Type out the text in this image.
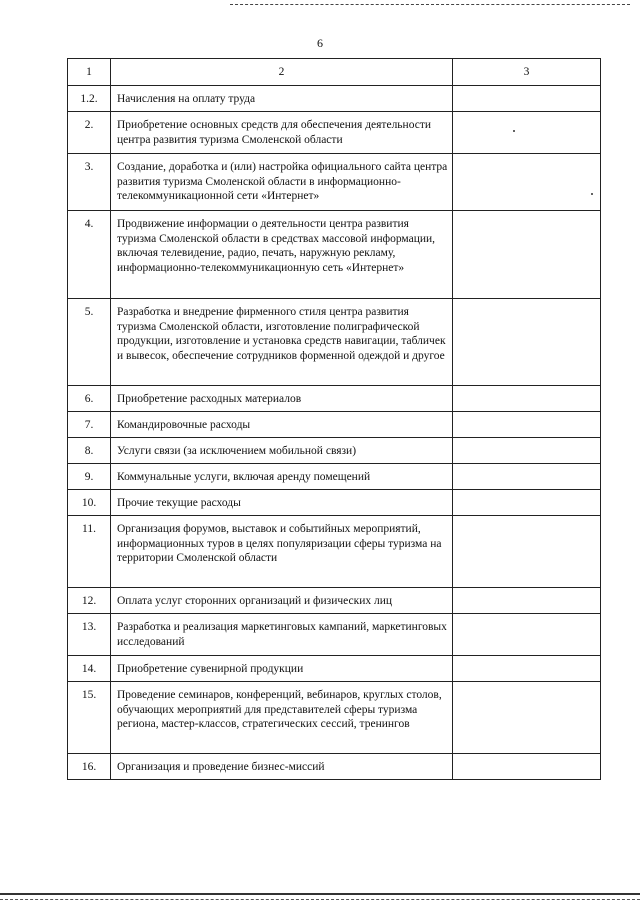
6
1	2	3
1.2.	Начисления на оплату труда	
2.	Приобретение основных средств для обеспечения деятельности центра развития туризма Смоленской области	
3.	Создание, доработка и (или) настройка официального сайта центра развития туризма Смоленской области в информационно-телекоммуникационной сети «Интернет»	
4.	Продвижение информации о деятельности центра развития туризма Смоленской области в средствах массовой информации, включая телевидение, радио, печать, наружную рекламу, информационно-телекоммуникационную сеть «Интернет»	
5.	Разработка и внедрение фирменного стиля центра развития туризма Смоленской области, изготовление полиграфической продукции, изготовление и установка средств навигации, табличек и вывесок, обеспечение сотрудников форменной одеждой и другое	
6.	Приобретение расходных материалов	
7.	Командировочные расходы	
8.	Услуги связи (за исключением мобильной связи)	
9.	Коммунальные услуги, включая аренду помещений	
10.	Прочие текущие расходы	
11.	Организация форумов, выставок и событийных мероприятий, информационных туров в целях популяризации сферы туризма на территории Смоленской области	
12.	Оплата услуг сторонних организаций и физических лиц	
13.	Разработка и реализация маркетинговых кампаний, маркетинговых исследований	
14.	Приобретение сувенирной продукции	
15.	Проведение семинаров, конференций, вебинаров, круглых столов, обучающих мероприятий для представителей сферы туризма региона, мастер-классов, стратегических сессий, тренингов	
16.	Организация и проведение бизнес-миссий	
